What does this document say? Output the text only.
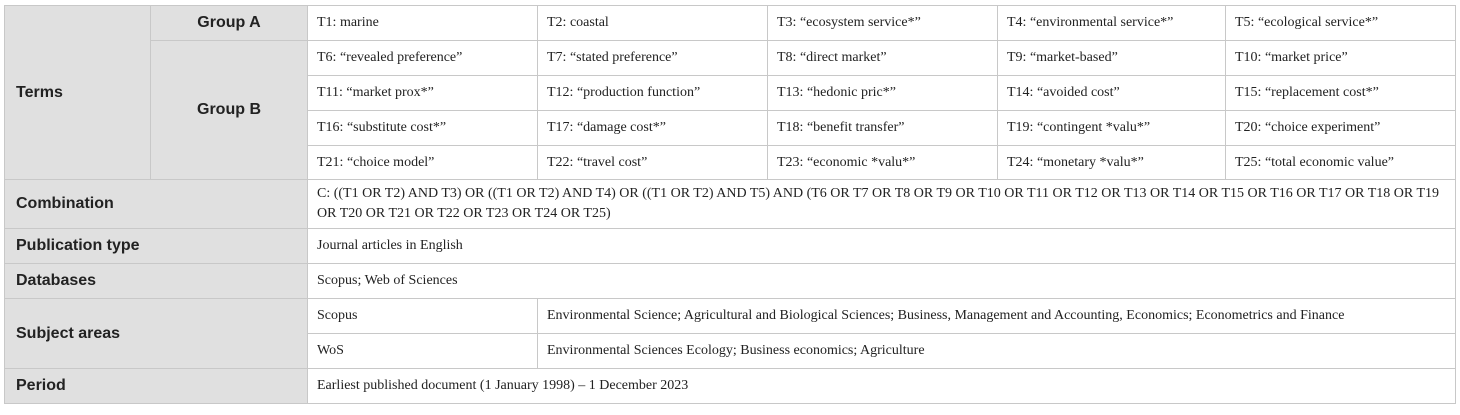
Terms	Group A	T1: marine	T2: coastal	T3: “ecosystem service*”	T4: “environmental service*”	T5: “ecological service*”
	Group B	T6: “revealed preference”	T7: “stated preference”	T8: “direct market”	T9: “market-based”	T10: “market price”
		T11: “market prox*”	T12: “production function”	T13: “hedonic pric*”	T14: “avoided cost”	T15: “replacement cost*”
		T16: “substitute cost*”	T17: “damage cost*”	T18: “benefit transfer”	T19: “contingent *valu*”	T20: “choice experiment”
		T21: “choice model”	T22: “travel cost”	T23: “economic *valu*”	T24: “monetary *valu*”	T25: “total economic value”
Combination		C: ((T1 OR T2) AND T3) OR ((T1 OR T2) AND T4) OR ((T1 OR T2) AND T5) AND (T6 OR T7 OR T8 OR T9 OR T10 OR T11 OR T12 OR T13 OR T14 OR T15 OR T16 OR T17 OR T18 OR T19 OR T20 OR T21 OR T22 OR T23 OR T24 OR T25)				
Publication type		Journal articles in English				
Databases		Scopus; Web of Sciences				
Subject areas		Scopus	Environmental Science; Agricultural and Biological Sciences; Business, Management and Accounting, Economics; Econometrics and Finance			
		WoS	Environmental Sciences Ecology; Business economics; Agriculture			
Period		Earliest published document (1 January 1998) – 1 December 2023				
